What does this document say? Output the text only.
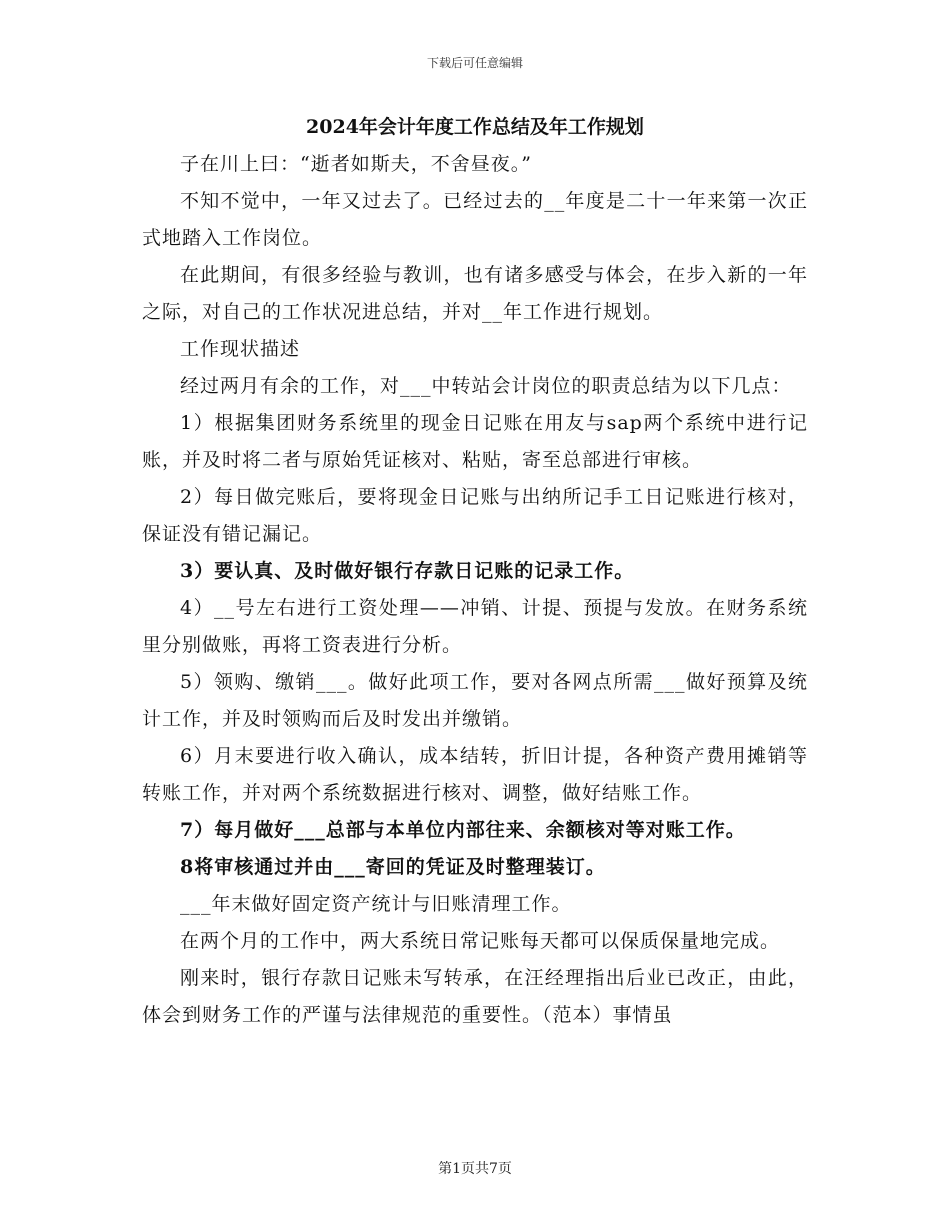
下载后可任意编辑
2024年会计年度工作总结及年工作规划

子在川上曰：“逝者如斯夫，不舍昼夜。”

不知不觉中，一年又过去了。已经过去的__年度是二十一年来第一次正式地踏入工作岗位。

在此期间，有很多经验与教训，也有诸多感受与体会，在步入新的一年之际，对自己的工作状况进总结，并对__年工作进行规划。

工作现状描述

经过两月有余的工作，对___中转站会计岗位的职责总结为以下几点：

1）根据集团财务系统里的现金日记账在用友与sap两个系统中进行记账，并及时将二者与原始凭证核对、粘贴，寄至总部进行审核。

2）每日做完账后，要将现金日记账与出纳所记手工日记账进行核对，保证没有错记漏记。

3）要认真、及时做好银行存款日记账的记录工作。

4）__号左右进行工资处理——冲销、计提、预提与发放。在财务系统里分别做账，再将工资表进行分析。

5）领购、缴销___。做好此项工作，要对各网点所需___做好预算及统计工作，并及时领购而后及时发出并缴销。

6）月末要进行收入确认，成本结转，折旧计提，各种资产费用摊销等转账工作，并对两个系统数据进行核对、调整，做好结账工作。

7）每月做好___总部与本单位内部往来、余额核对等对账工作。

8将审核通过并由___寄回的凭证及时整理装订。

___年末做好固定资产统计与旧账清理工作。

在两个月的工作中，两大系统日常记账每天都可以保质保量地完成。

刚来时，银行存款日记账未写转承，在汪经理指出后业已改正，由此，体会到财务工作的严谨与法律规范的重要性。（范本）事情虽

第1页共7页
